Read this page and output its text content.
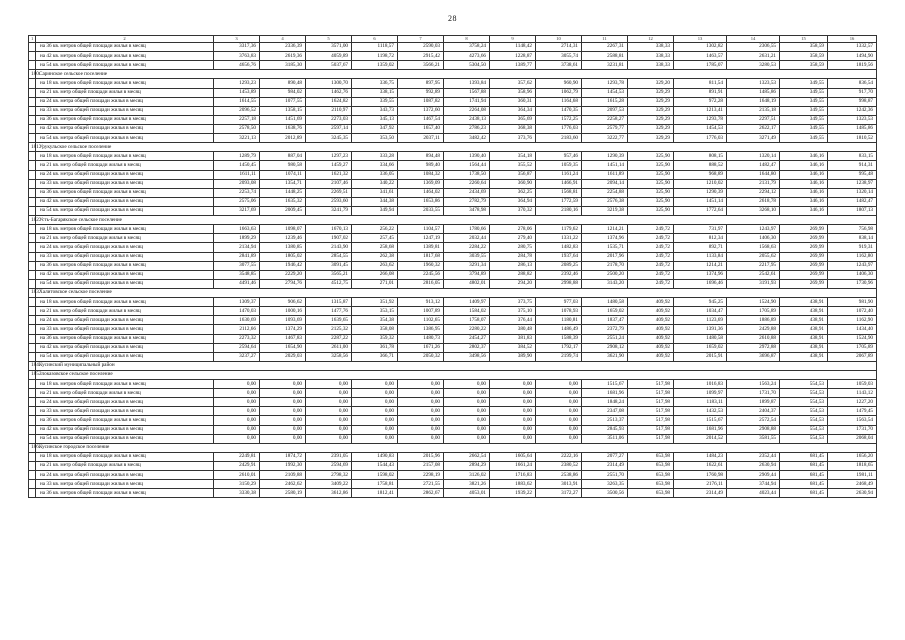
28
1	2	3	4	5	6	7	8	9	10	11	12	13	14	15	16
	на 36 кв. метров общей площади жилья в месяц	3317,36	2336,39	3571,00	1118,57	2590,03	3758,24	1148,42	2714,31	2267,31	338,33	1302,82	2306,55	358,59	1332,57
	на 42 кв. метров общей площади жилья в месяц	3763,83	2619,36	4059,89	1198,72	2915,42	4273,66	1228,87	3055,74	2588,81	338,33	1463,57	2631,21	358,59	1494,90
	на 54 кв. метров общей площади жилья в месяц	4656,76	3185,30	5037,67	1359,02	3566,21	5304,50	1389,77	3738,61	3231,81	338,33	1785,07	3280,53	358,59	1819,56
180.	Саринское сельское поселение														
	на 18 кв. метров общей площади жилья в месяц	1293,23	890,48	1300,70	336,75	897,95	1393,84	357,62	960,90	1293,78	329,20	811,54	1323,53	349,55	836,54
	на 21 кв. метр общей площади жилья в месяц	1453,89	984,02	1462,76	338,15	992,89	1567,88	358,96	1062,79	1454,53	329,29	891,91	1485,86	349,55	917,70
	на 24 кв. метра общей площади жилья в месяц	1614,55	1077,55	1624,82	339,55	1087,82	1741,94	360,31	1164,68	1615,28	329,29	972,28	1648,19	349,55	998,87
	на 33 кв. метра общей площади жилья в месяц	2096,52	1358,15	2110,97	343,73	1372,60	2264,08	364,34	1470,35	2097,53	329,29	1213,41	2135,18	349,55	1242,36
	на 36 кв. метров общей площади жилья в месяц	2257,18	1451,69	2273,03	345,13	1467,54	2438,13	365,69	1572,25	2258,27	329,29	1293,78	2297,51	349,55	1323,53
	на 42 кв. метра общей площади жилья в месяц	2578,50	1638,76	2597,14	347,92	1657,40	2786,23	368,38	1776,03	2579,77	329,29	1454,53	2622,17	349,55	1485,86
	на 54 кв. метра общей площади жилья в месяц	3221,13	2012,89	3245,35	353,50	2037,11	3482,42	373,76	2183,60	3222,77	329,29	1776,03	3271,49	349,55	1810,52
181.	Урукульское сельское поселение														
	на 18 кв. метров общей площади жилья в месяц	1289,79	887,04	1297,23	333,28	894,48	1390,40	354,18	957,46	1290,39	325,90	808,15	1320,14	346,16	833,15
	на 21 кв. метр общей площади жилья в месяц	1450,45	980,58	1459,27	334,66	989,40	1564,44	355,52	1059,35	1451,14	325,90	888,52	1482,47	346,16	914,31
	на 24 кв. метра общей площади жилья в месяц	1611,11	1074,11	1621,32	336,05	1084,32	1738,50	356,87	1161,24	1611,89	325,90	968,89	1644,80	346,16	995,48
	на 33 кв. метра общей площади жилья в месяц	2093,08	1354,71	2107,46	340,22	1369,09	2260,64	360,90	1466,91	2094,14	325,90	1210,02	2131,79	346,16	1238,97
	на 36 кв. метров общей площади жилья в месяц	2253,74	1448,25	2269,51	341,61	1464,02	2434,69	362,25	1568,81	2254,88	325,90	1290,39	2294,12	346,16	1320,14
	на 42 кв. метра общей площади жилья в месяц	2575,06	1635,32	2593,60	344,38	1653,86	2782,79	364,94	1772,59	2576,38	325,90	1451,14	2618,78	346,16	1482,47
	на 54 кв. метра общей площади жилья в месяц	3217,69	2009,45	3241,79	349,94	2033,55	3478,98	370,32	2180,16	3219,38	325,90	1772,64	3268,10	346,16	1807,13
182.	Усть-Багарякское сельское поселение														
	на 18 кв. метров общей площади жилья в месяц	1663,63	1098,07	1670,13	256,22	1104,57	1780,66	278,06	1179,62	1214,21	249,72	731,97	1243,97	269,99	756,98
	на 21 кв. метр общей площади жилья в месяц	1899,29	1239,46	1907,02	257,45	1247,19	2032,44	279,40	1331,22	1374,96	249,72	812,34	1406,30	269,99	838,14
	на 24 кв. метра общей площади жилья в месяц	2134,94	1380,85	2143,90	258,68	1389,81	2284,22	280,75	1482,83	1535,71	249,72	892,71	1568,63	269,99	919,31
	на 33 кв. метра общей площади жилья в месяц	2841,89	1805,02	2854,55	262,38	1817,68	3039,55	284,78	1937,64	2017,96	249,72	1133,84	2055,62	269,99	1162,80
	на 36 кв. метров общей площади жилья в месяц	3077,55	1946,42	3091,45	263,62	1960,32	3291,34	286,13	2089,25	2178,70	249,72	1214,21	2217,95	269,99	1243,97
	на 42 кв. метра общей площади жилья в месяц	3548,85	2229,20	3565,21	266,08	2245,56	3794,89	288,82	2392,46	2500,20	249,72	1374,96	2542,61	269,99	1406,30
	на 54 кв. метра общей площади жилья в месяц	4491,46	2794,76	4512,75	271,01	2816,05	4802,01	294,20	2998,88	3143,20	249,72	1696,46	3191,93	269,99	1730,96
183.	Халитовское сельское поселение														
	на 18 кв. метров общей площади жилья в месяц	1309,37	906,62	1315,87	351,92	913,12	1409,97	373,75	977,03	1480,58	409,92	945,25	1524,90	438,91	981,90
	на 21 кв. метр общей площади жилья в месяц	1470,03	1000,16	1477,76	353,15	1007,89	1584,02	375,10	1078,93	1659,02	409,92	1034,47	1705,89	438,91	1072,40
	на 24 кв. метра общей площади жилья в месяц	1630,69	1093,69	1639,65	354,38	1102,65	1758,07	376,44	1180,81	1837,47	409,92	1123,69	1886,89	438,91	1162,90
	на 33 кв. метра общей площади жилья в месяц	2112,66	1374,29	2125,32	358,08	1386,95	2280,22	380,48	1486,49	2372,79	409,92	1391,36	2429,88	438,91	1434,40
	на 36 кв. метров общей площади жилья в месяц	2273,32	1467,83	2287,22	359,32	1480,73	2454,27	381,83	1588,39	2551,24	409,92	1480,58	2610,88	438,91	1524,90
	на 42 кв. метра общей площади жилья в месяц	2594,64	1654,90	2611,00	361,78	1671,26	2802,37	384,52	1792,17	2908,12	409,92	1659,02	2972,88	438,91	1705,89
	на 54 кв. метра общей площади жилья в месяц	3237,27	2029,03	3258,56	366,71	2050,32	3498,56	389,90	2199,74	3621,90	409,92	2015,91	3696,87	438,91	2067,89
184.	Кусинский муниципальный район														
185.	Злоказовское сельское поселение														
	на 18 кв. метров общей площади жилья в месяц	0,00	0,00	0,00	0,00	0,00	0,00	0,00	0,00	1515,67	517,98	1016,83	1563,24	554,53	1059,03
	на 21 кв. метр общей площади жилья в месяц	0,00	0,00	0,00	0,00	0,00	0,00	0,00	0,00	1681,96	517,98	1099,97	1731,70	554,53	1143,12
	на 24 кв. метра общей площади жилья в месяц	0,00	0,00	0,00	0,00	0,00	0,00	0,00	0,00	1848,24	517,98	1183,11	1899,87	554,53	1227,20
	на 33 кв. метра общей площади жилья в месяц	0,00	0,00	0,00	0,00	0,00	0,00	0,00	0,00	2347,08	517,98	1432,53	2404,37	554,53	1479,45
	на 36 кв. метров общей площади жилья в месяц	0,00	0,00	0,00	0,00	0,00	0,00	0,00	0,00	2513,37	517,98	1515,67	2572,54	554,53	1563,54
	на 42 кв. метра общей площади жилья в месяц	0,00	0,00	0,00	0,00	0,00	0,00	0,00	0,00	2845,93	517,98	1681,96	2908,88	554,53	1731,70
	на 54 кв. метра общей площади жилья в месяц	0,00	0,00	0,00	0,00	0,00	0,00	0,00	0,00	3511,06	517,98	2014,52	3581,55	554,53	2068,04
186.	Кусинское городское поселение														
	на 18 кв. метров общей площади жилья в месяц	2249,81	1874,72	2391,05	1490,83	2015,96	2662,54	1605,64	2222,16	2077,27	653,98	1484,23	2352,44	681,45	1656,20
	на 21 кв. метр общей площади жилья в месяц	2429,91	1992,30	2594,69	1544,43	2157,08	2894,29	1661,24	2380,52	2314,49	653,98	1622,61	2630,94	681,45	1818,65
	на 24 кв. метра общей площади жилья в месяц	2610,01	2109,88	2798,32	1598,02	2298,19	3126,02	1716,83	2538,86	2551,70	653,98	1760,98	2909,44	681,45	1981,11
	на 33 кв. метра общей площади жилья в месяц	3150,29	2462,62	3409,22	1758,81	2721,55	3821,26	1883,62	3013,91	3263,35	653,98	2176,11	3744,94	681,45	2468,49
	на 36 кв. метров общей площади жилья в месяц	3330,38	2580,19	3612,86	1812,41	2862,67	4053,01	1939,22	3172,27	3500,56	653,98	2314,49	4023,44	681,45	2630,94
